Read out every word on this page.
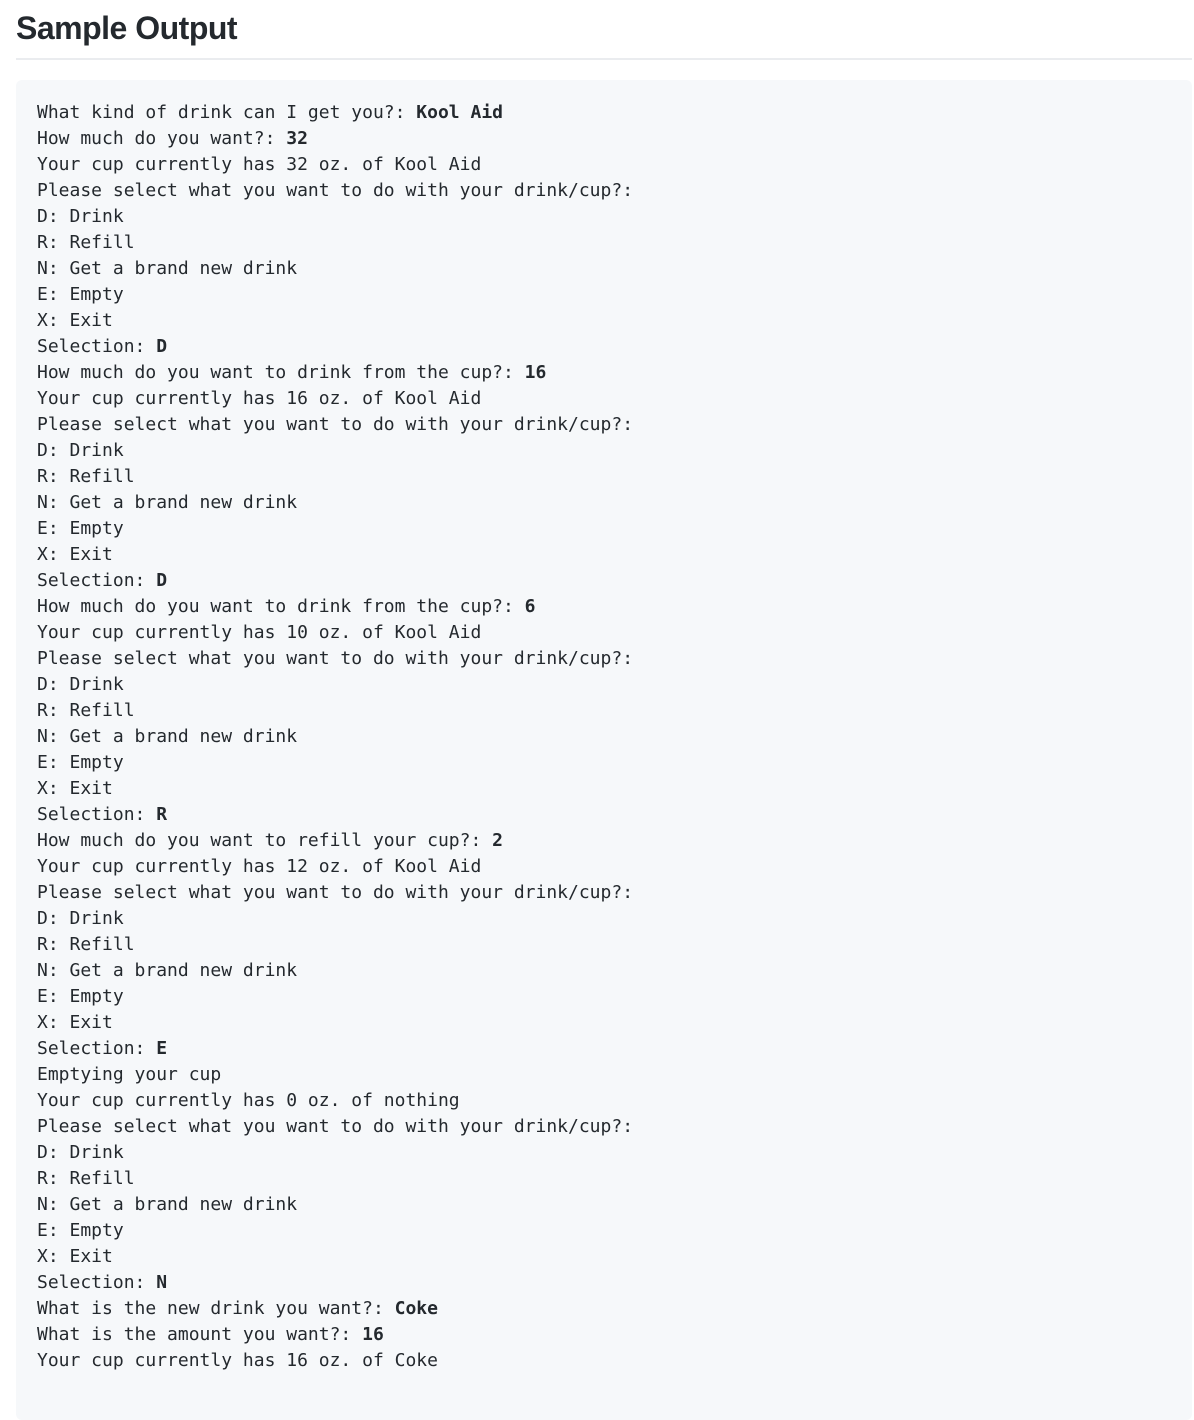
Sample Output
What kind of drink can I get you?: Kool Aid
How much do you want?: 32
Your cup currently has 32 oz. of Kool Aid
Please select what you want to do with your drink/cup?:
D: Drink
R: Refill
N: Get a brand new drink
E: Empty
X: Exit
Selection: D
How much do you want to drink from the cup?: 16
Your cup currently has 16 oz. of Kool Aid
Please select what you want to do with your drink/cup?:
D: Drink
R: Refill
N: Get a brand new drink
E: Empty
X: Exit
Selection: D
How much do you want to drink from the cup?: 6
Your cup currently has 10 oz. of Kool Aid
Please select what you want to do with your drink/cup?:
D: Drink
R: Refill
N: Get a brand new drink
E: Empty
X: Exit
Selection: R
How much do you want to refill your cup?: 2
Your cup currently has 12 oz. of Kool Aid
Please select what you want to do with your drink/cup?:
D: Drink
R: Refill
N: Get a brand new drink
E: Empty
X: Exit
Selection: E
Emptying your cup
Your cup currently has 0 oz. of nothing
Please select what you want to do with your drink/cup?:
D: Drink
R: Refill
N: Get a brand new drink
E: Empty
X: Exit
Selection: N
What is the new drink you want?: Coke
What is the amount you want?: 16
Your cup currently has 16 oz. of Coke
